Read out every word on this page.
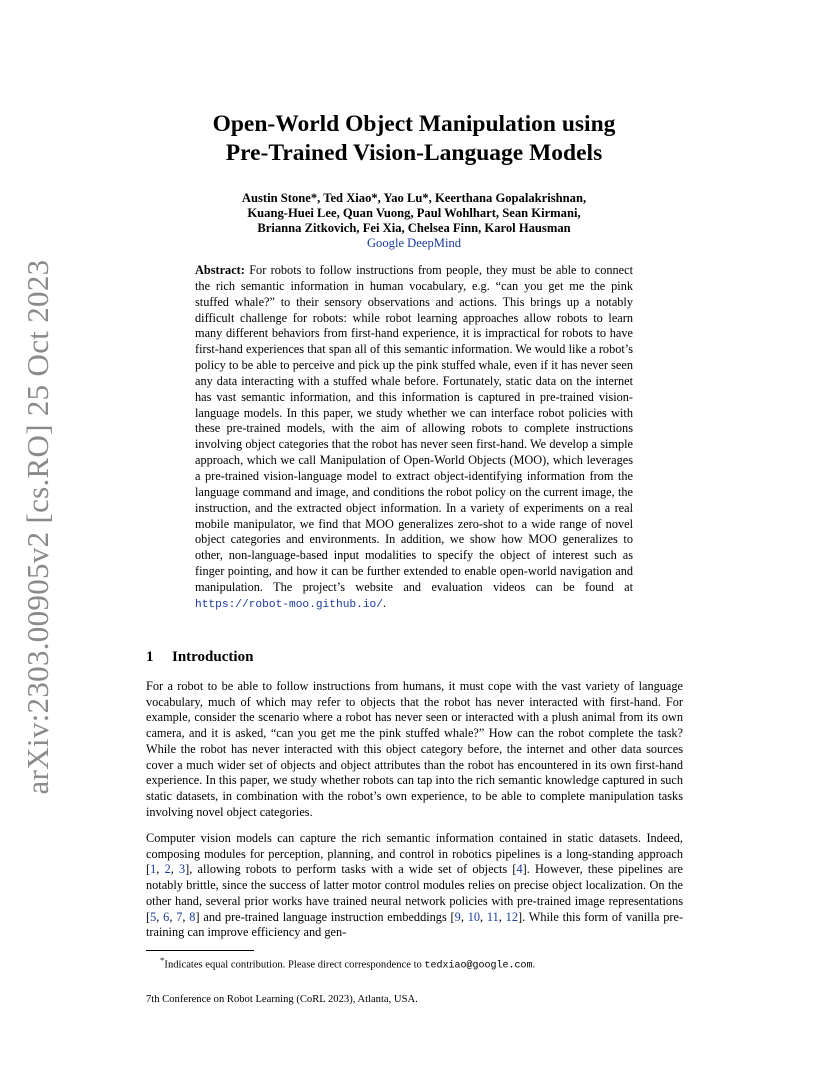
arXiv:2303.00905v2 [cs.RO] 25 Oct 2023
Open-World Object Manipulation using
Pre-Trained Vision-Language Models
Austin Stone*, Ted Xiao*, Yao Lu*, Keerthana Gopalakrishnan,
Kuang-Huei Lee, Quan Vuong, Paul Wohlhart, Sean Kirmani,
Brianna Zitkovich, Fei Xia, Chelsea Finn, Karol Hausman
Google DeepMind
Abstract: For robots to follow instructions from people, they must be able to connect the rich semantic information in human vocabulary, e.g. “can you get me the pink stuffed whale?” to their sensory observations and actions. This brings up a notably difficult challenge for robots: while robot learning approaches allow robots to learn many different behaviors from first-hand experience, it is impractical for robots to have first-hand experiences that span all of this semantic information. We would like a robot’s policy to be able to perceive and pick up the pink stuffed whale, even if it has never seen any data interacting with a stuffed whale before. Fortunately, static data on the internet has vast semantic information, and this information is captured in pre-trained vision-language models. In this paper, we study whether we can interface robot policies with these pre-trained models, with the aim of allowing robots to complete instructions involving object categories that the robot has never seen first-hand. We develop a simple approach, which we call Manipulation of Open-World Objects (MOO), which leverages a pre-trained vision-language model to extract object-identifying information from the language command and image, and conditions the robot policy on the current image, the instruction, and the extracted object information. In a variety of experiments on a real mobile manipulator, we find that MOO generalizes zero-shot to a wide range of novel object categories and environments. In addition, we show how MOO generalizes to other, non-language-based input modalities to specify the object of interest such as finger pointing, and how it can be further extended to enable open-world navigation and manipulation. The project’s website and evaluation videos can be found at https://robot-moo.github.io/.
1 Introduction
For a robot to be able to follow instructions from humans, it must cope with the vast variety of language vocabulary, much of which may refer to objects that the robot has never interacted with first-hand. For example, consider the scenario where a robot has never seen or interacted with a plush animal from its own camera, and it is asked, “can you get me the pink stuffed whale?” How can the robot complete the task? While the robot has never interacted with this object category before, the internet and other data sources cover a much wider set of objects and object attributes than the robot has encountered in its own first-hand experience. In this paper, we study whether robots can tap into the rich semantic knowledge captured in such static datasets, in combination with the robot’s own experience, to be able to complete manipulation tasks involving novel object categories.
Computer vision models can capture the rich semantic information contained in static datasets. Indeed, composing modules for perception, planning, and control in robotics pipelines is a long-standing approach [1, 2, 3], allowing robots to perform tasks with a wide set of objects [4]. However, these pipelines are notably brittle, since the success of latter motor control modules relies on precise object localization. On the other hand, several prior works have trained neural network policies with pre-trained image representations [5, 6, 7, 8] and pre-trained language instruction embeddings [9, 10, 11, 12]. While this form of vanilla pre-training can improve efficiency and gen-
*Indicates equal contribution. Please direct correspondence to tedxiao@google.com.
7th Conference on Robot Learning (CoRL 2023), Atlanta, USA.
